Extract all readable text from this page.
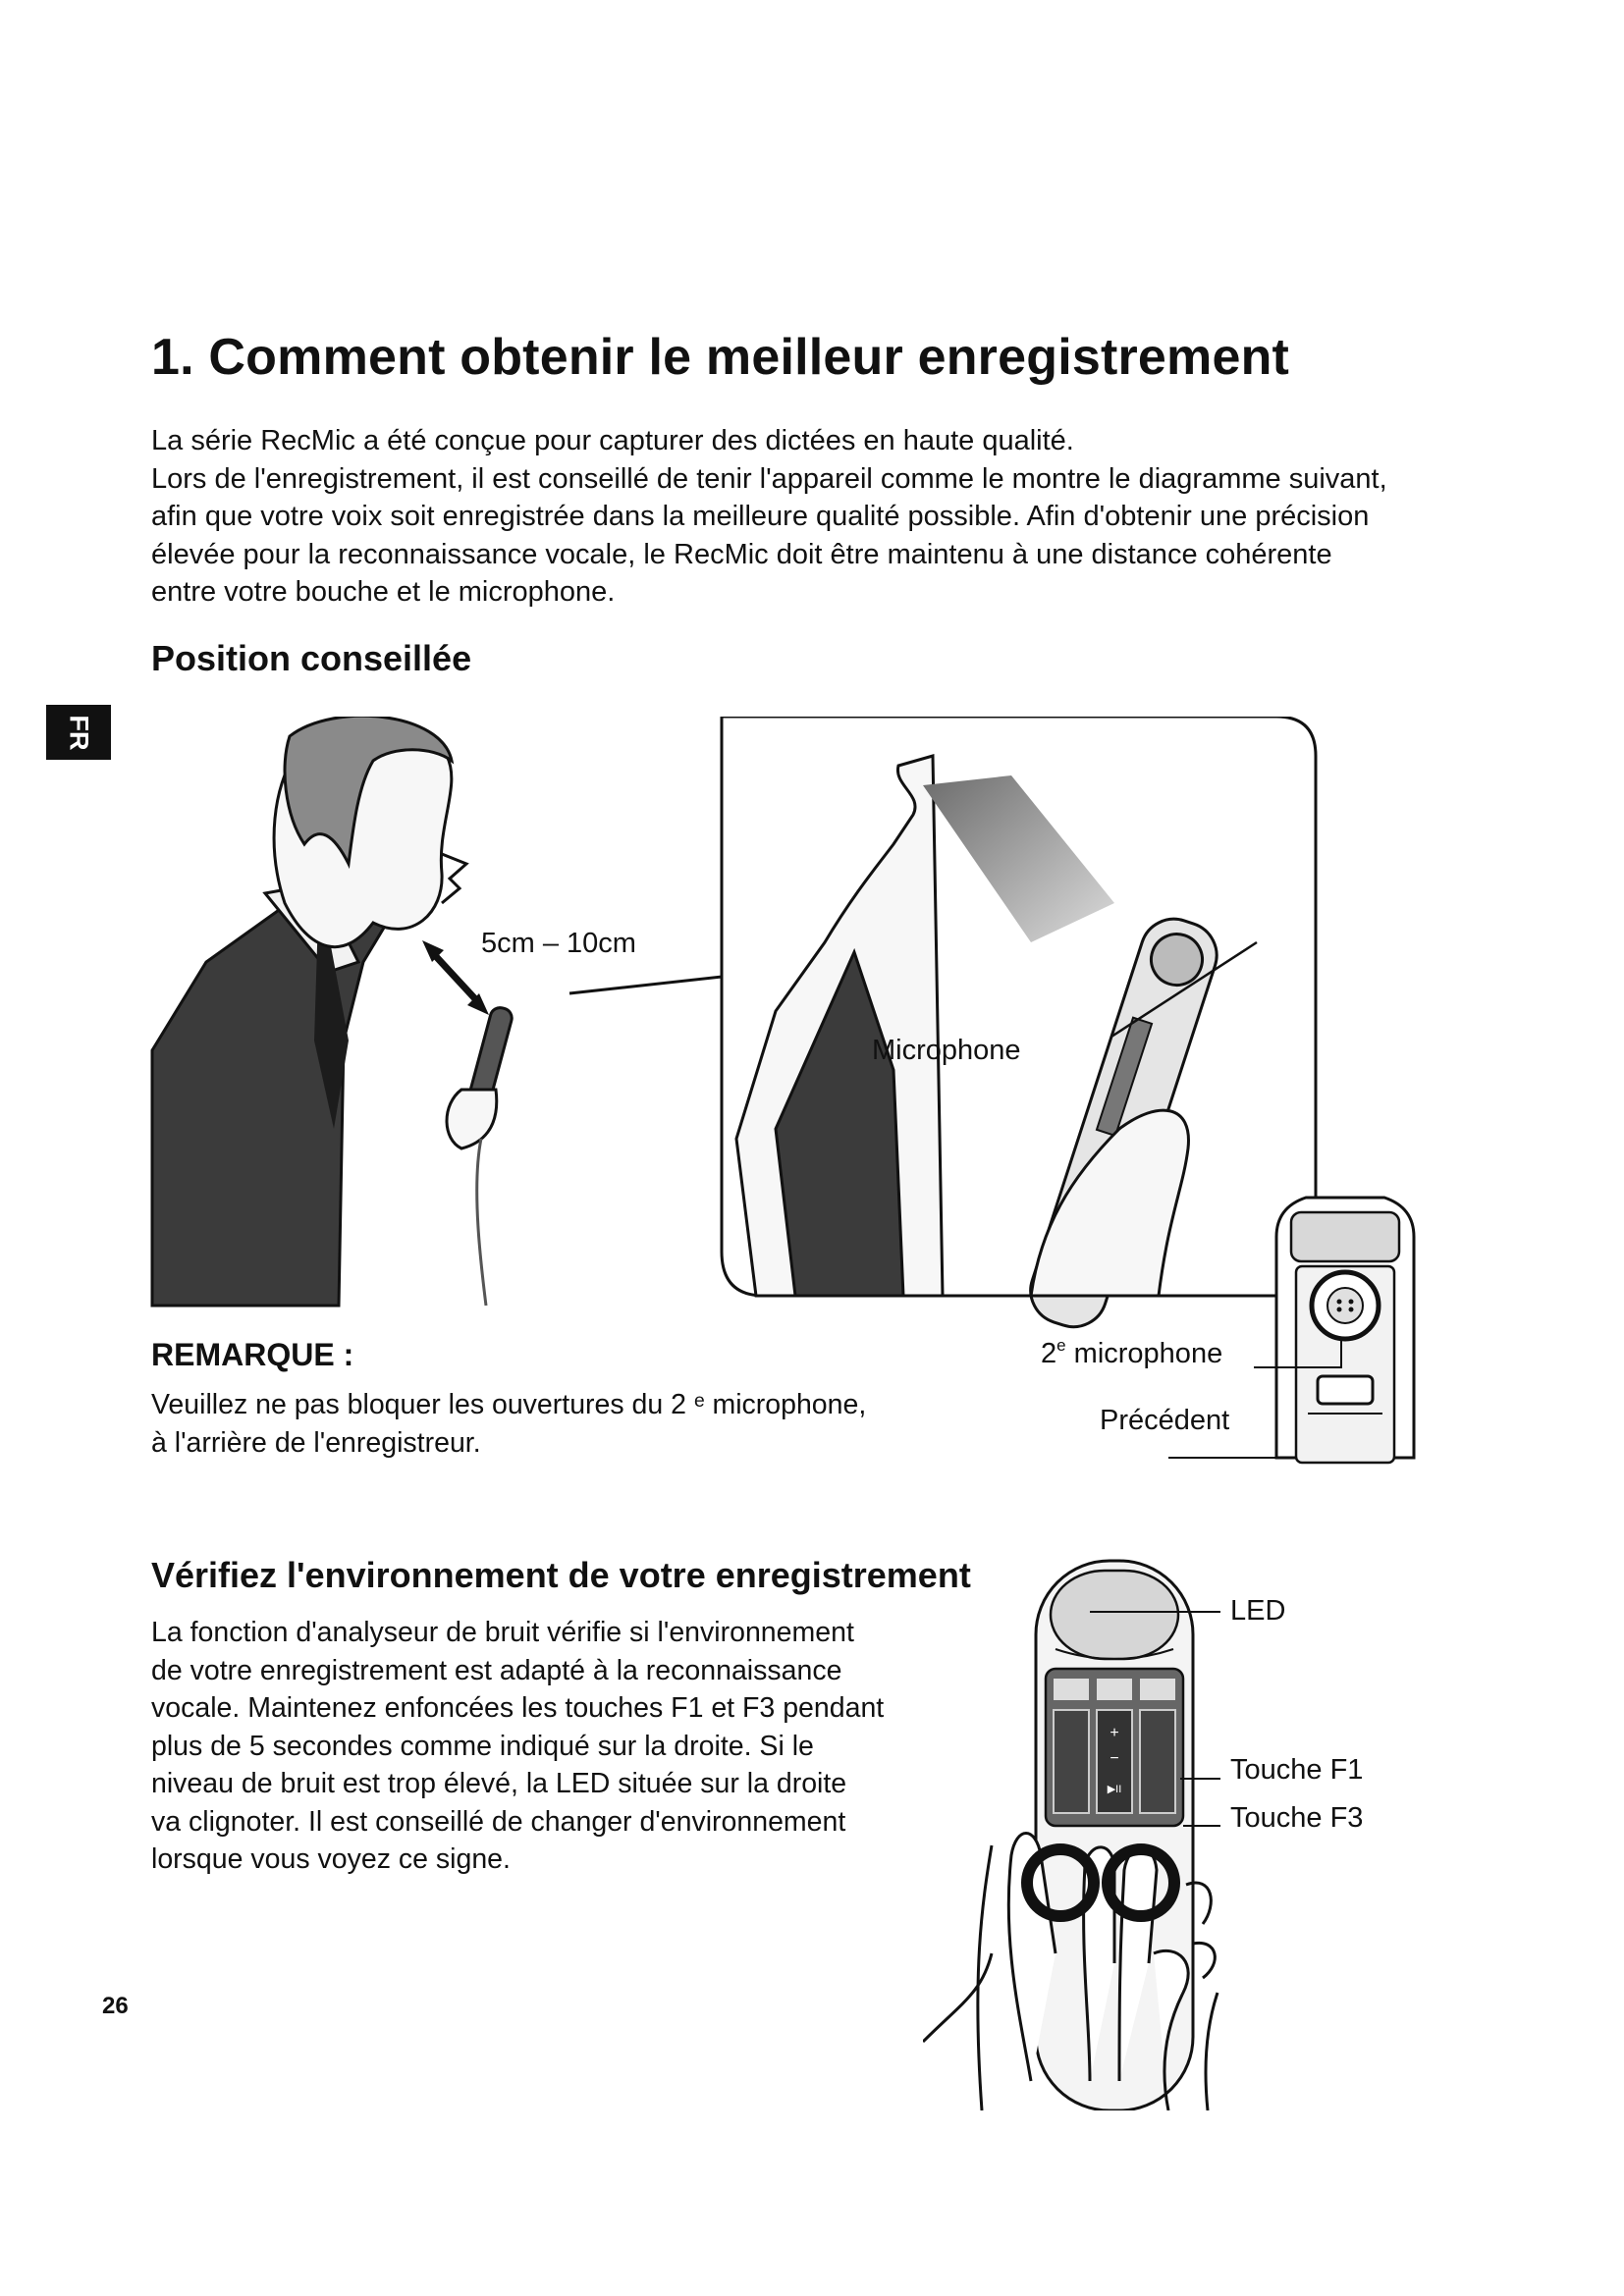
1. Comment obtenir le meilleur enregistrement
La série RecMic a été conçue pour capturer des dictées en haute qualité.
Lors de l'enregistrement, il est conseillé de tenir l'appareil comme le montre le diagramme suivant,
afin que votre voix soit enregistrée dans la meilleure qualité possible. Afin d'obtenir une précision
élevée pour la reconnaissance vocale, le RecMic doit être maintenu à une distance cohérente
entre votre bouche et le microphone.
Position conseillée
FR
5cm – 10cm
Microphone
2e microphone
Précédent
REMARQUE :
Veuillez ne pas bloquer les ouvertures du 2 ᵉ microphone,
à l'arrière de l'enregistreur.
Vérifiez l'environnement de votre enregistrement
La fonction d'analyseur de bruit vérifie si l'environnement
de votre enregistrement est adapté à la reconnaissance
vocale. Maintenez enfoncées les touches F1 et F3 pendant
plus de 5 secondes comme indiqué sur la droite. Si le
niveau de bruit est trop élevé, la LED située sur la droite
va clignoter. Il est conseillé de changer d'environnement
lorsque vous voyez ce signe.
+
−
▶II
LED
Touche F1
Touche F3
26
